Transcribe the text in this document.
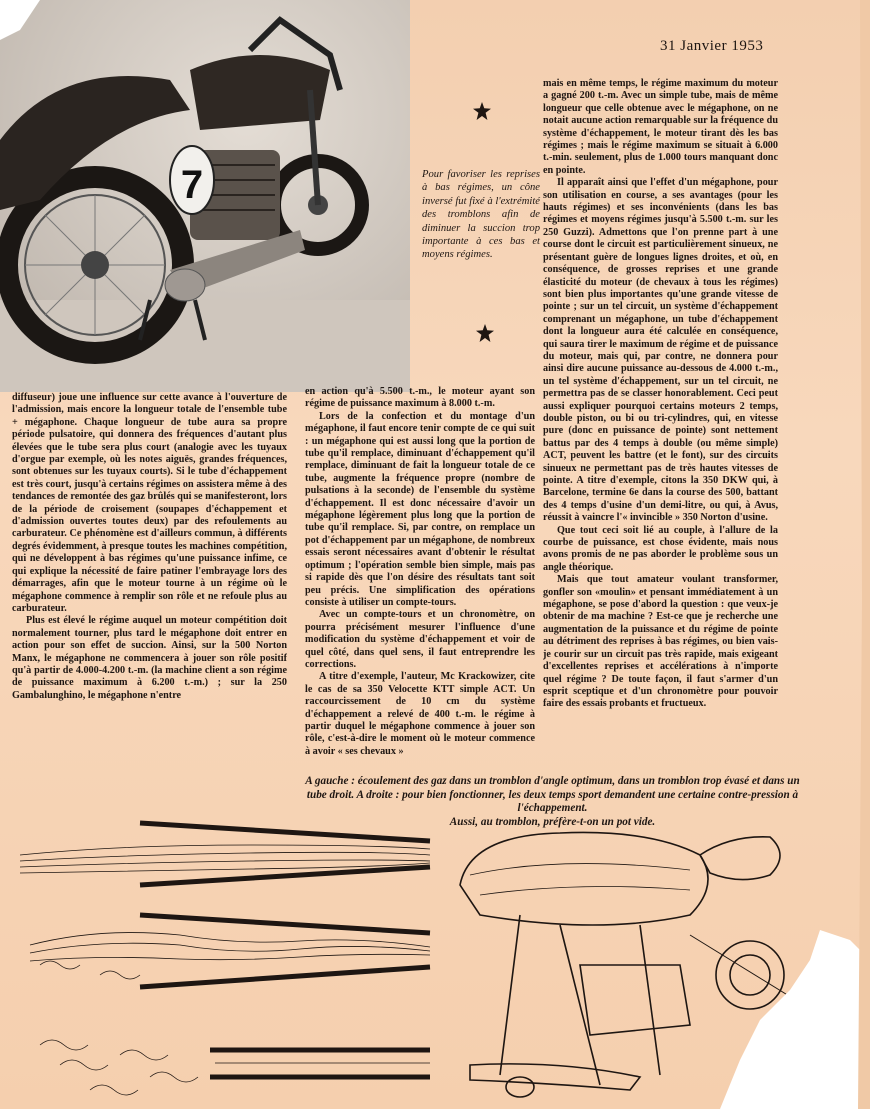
7
31 Janvier 1953
Pour favoriser les reprises à bas régimes, un cône inversé fut fixé à l'extrémité des tromblons afin de diminuer la succion trop importante à ces bas et moyens régimes.

diffuseur) joue une influence sur cette avance à l'ouverture de l'admission, mais encore la longueur totale de l'ensemble tube + mégaphone. Chaque longueur de tube aura sa propre période pulsatoire, qui donnera des fréquences d'autant plus élevées que le tube sera plus court (analogie avec les tuyaux d'orgue par exemple, où les notes aiguës, grandes fréquences, sont obtenues sur les tuyaux courts). Si le tube d'échappement est très court, jusqu'à certains régimes on assistera même à des tendances de remontée des gaz brûlés qui se manifesteront, lors de la période de croisement (soupapes d'échappement et d'admission ouvertes toutes deux) par des refoulements au carburateur. Ce phénomène est d'ailleurs commun, à différents degrés évidemment, à presque toutes les machines compétition, qui ne développent à bas régimes qu'une puissance infime, ce qui explique la nécessité de faire patiner l'embrayage lors des démarrages, afin que le moteur tourne à un régime où le mégaphone commence à remplir son rôle et ne refoule plus au carburateur.

Plus est élevé le régime auquel un moteur compétition doit normalement tourner, plus tard le mégaphone doit entrer en action pour son effet de succion. Ainsi, sur la 500 Norton Manx, le mégaphone ne commencera à jouer son rôle positif qu'à partir de 4.000-4.200 t.-m. (la machine client a son régime de puissance maximum à 6.200 t.-m.) ; sur la 250 Gambalunghino, le mégaphone n'entre

en action qu'à 5.500 t.-m., le moteur ayant son régime de puissance maximum à 8.000 t.-m.

Lors de la confection et du montage d'un mégaphone, il faut encore tenir compte de ce qui suit : un mégaphone qui est aussi long que la portion de tube qu'il remplace, diminuant d'échappement qu'il remplace, diminuant de fait la longueur totale de ce tube, augmente la fréquence propre (nombre de pulsations à la seconde) de l'ensemble du système d'échappement. Il est donc nécessaire d'avoir un mégaphone légèrement plus long que la portion de tube qu'il remplace. Si, par contre, on remplace un pot d'échappement par un mégaphone, de nombreux essais seront nécessaires avant d'obtenir le résultat optimum ; l'opération semble bien simple, mais pas si rapide dès que l'on désire des résultats tant soit peu précis. Une simplification des opérations consiste à utiliser un compte-tours.

Avec un compte-tours et un chronomètre, on pourra précisément mesurer l'influence d'une modification du système d'échappement et voir de quel côté, dans quel sens, il faut entreprendre les corrections.

A titre d'exemple, l'auteur, Mc Krackowizer, cite le cas de sa 350 Velocette KTT simple ACT. Un raccourcissement de 10 cm du système d'échappement a relevé de 400 t.-m. le régime à partir duquel le mégaphone commence à jouer son rôle, c'est-à-dire le moment où le moteur commence à avoir « ses chevaux »

mais en même temps, le régime maximum du moteur a gagné 200 t.-m. Avec un simple tube, mais de même longueur que celle obtenue avec le mégaphone, on ne notait aucune action remarquable sur la fréquence du système d'échappement, le moteur tirant dès les bas régimes ; mais le régime maximum se situait à 6.000 t.-min. seulement, plus de 1.000 tours manquant donc en pointe.

Il apparaît ainsi que l'effet d'un mégaphone, pour son utilisation en course, a ses avantages (pour les hauts régimes) et ses inconvénients (dans les bas régimes et moyens régimes jusqu'à 5.500 t.-m. sur les 250 Guzzi). Admettons que l'on prenne part à une course dont le circuit est particulièrement sinueux, ne présentant guère de longues lignes droites, et où, en conséquence, de grosses reprises et une grande élasticité du moteur (de chevaux à tous les régimes) sont bien plus importantes qu'une grande vitesse de pointe ; sur un tel circuit, un système d'échappement comprenant un mégaphone, un tube d'échappement dont la longueur aura été calculée en conséquence, qui saura tirer le maximum de régime et de puissance du moteur, mais qui, par contre, ne donnera pour ainsi dire aucune puissance au-dessous de 4.000 t.-m., un tel système d'échappement, sur un tel circuit, ne permettra pas de se classer honorablement. Ceci peut aussi expliquer pourquoi certains moteurs 2 temps, double piston, ou bi ou tri-cylindres, qui, en vitesse pure (donc en puissance de pointe) sont nettement battus par des 4 temps à double (ou même simple) ACT, peuvent les battre (et le font), sur des circuits sinueux ne permettant pas de très hautes vitesses de pointe. A titre d'exemple, citons la 350 DKW qui, à Barcelone, termine 6e dans la course des 500, battant des 4 temps d'usine d'un demi-litre, ou qui, à Avus, réussit à vaincre l'« invincible » 350 Norton d'usine.

Que tout ceci soit lié au couple, à l'allure de la courbe de puissance, est chose évidente, mais nous avons promis de ne pas aborder le problème sous un angle théorique.

Mais que tout amateur voulant transformer, gonfler son «moulin» et pensant immédiatement à un mégaphone, se pose d'abord la question : que veux-je obtenir de ma machine ? Est-ce que je recherche une augmentation de la puissance et du régime de pointe au détriment des reprises à bas régimes, ou bien vais-je courir sur un circuit pas très rapide, mais exigeant d'excellentes reprises et accélérations à n'importe quel régime ? De toute façon, il faut s'armer d'un esprit sceptique et d'un chronomètre pour pouvoir faire des essais probants et fructueux.

A gauche : écoulement des gaz dans un tromblon d'angle optimum, dans un tromblon trop évasé et dans un tube droit. A droite : pour bien fonctionner, les deux temps sport demandent une certaine contre-pression à l'échappement.
Aussi, au tromblon, préfère-t-on un pot vide.
